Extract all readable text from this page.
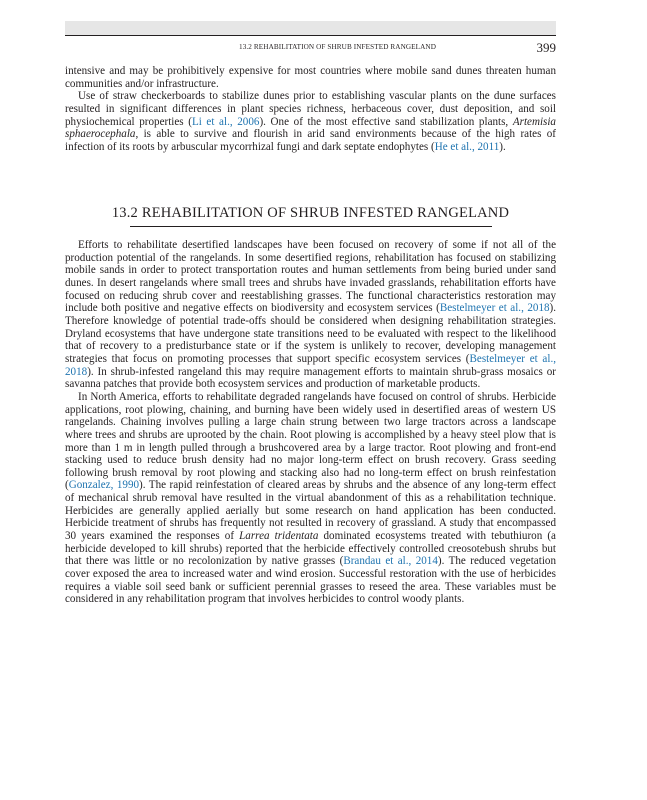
13.2 REHABILITATION OF SHRUB INFESTED RANGELAND	399

intensive and may be prohibitively expensive for most countries where mobile sand dunes threaten human communities and/or infrastructure.

Use of straw checkerboards to stabilize dunes prior to establishing vascular plants on the dune surfaces resulted in significant differences in plant species richness, herbaceous cover, dust deposition, and soil physiochemical properties (Li et al., 2006). One of the most effective sand stabilization plants, Artemisia sphaerocephala, is able to survive and flourish in arid sand environments because of the high rates of infection of its roots by arbuscular mycorrhizal fungi and dark septate endophytes (He et al., 2011).

13.2 REHABILITATION OF SHRUB INFESTED RANGELAND

Efforts to rehabilitate desertified landscapes have been focused on recovery of some if not all of the production potential of the rangelands. In some desertified regions, rehabilitation has focused on stabilizing mobile sands in order to protect transportation routes and human settlements from being buried under sand dunes. In desert rangelands where small trees and shrubs have invaded grasslands, rehabilitation efforts have focused on reducing shrub cover and reestablishing grasses. The functional characteristics restoration may include both positive and negative effects on biodiversity and ecosystem services (Bestelmeyer et al., 2018). Therefore knowledge of potential trade-offs should be considered when designing rehabilitation strategies. Dryland ecosystems that have undergone state transitions need to be evaluated with respect to the likelihood that of recovery to a predisturbance state or if the system is unlikely to recover, developing management strategies that focus on promoting processes that support specific ecosystem services (Bestelmeyer et al., 2018). In shrub-infested rangeland this may require management efforts to maintain shrub-grass mosaics or savanna patches that provide both ecosystem services and production of marketable products.

In North America, efforts to rehabilitate degraded rangelands have focused on control of shrubs. Herbicide applications, root plowing, chaining, and burning have been widely used in desertified areas of western US rangelands. Chaining involves pulling a large chain strung between two large tractors across a landscape where trees and shrubs are uprooted by the chain. Root plowing is accomplished by a heavy steel plow that is more than 1 m in length pulled through a brushcovered area by a large tractor. Root plowing and front-end stacking used to reduce brush density had no major long-term effect on brush recovery. Grass seeding following brush removal by root plowing and stacking also had no long-term effect on brush reinfestation (Gonzalez, 1990). The rapid reinfestation of cleared areas by shrubs and the absence of any long-term effect of mechanical shrub removal have resulted in the virtual abandonment of this as a rehabilitation technique. Herbicides are generally applied aerially but some research on hand application has been conducted. Herbicide treatment of shrubs has frequently not resulted in recovery of grassland. A study that encompassed 30 years examined the responses of Larrea tridentata dominated ecosystems treated with tebuthiuron (a herbicide developed to kill shrubs) reported that the herbicide effectively controlled creosotebush shrubs but that there was little or no recolonization by native grasses (Brandau et al., 2014). The reduced vegetation cover exposed the area to increased water and wind erosion. Successful restoration with the use of herbicides requires a viable soil seed bank or sufficient perennial grasses to reseed the area. These variables must be considered in any rehabilitation program that involves herbicides to control woody plants.
